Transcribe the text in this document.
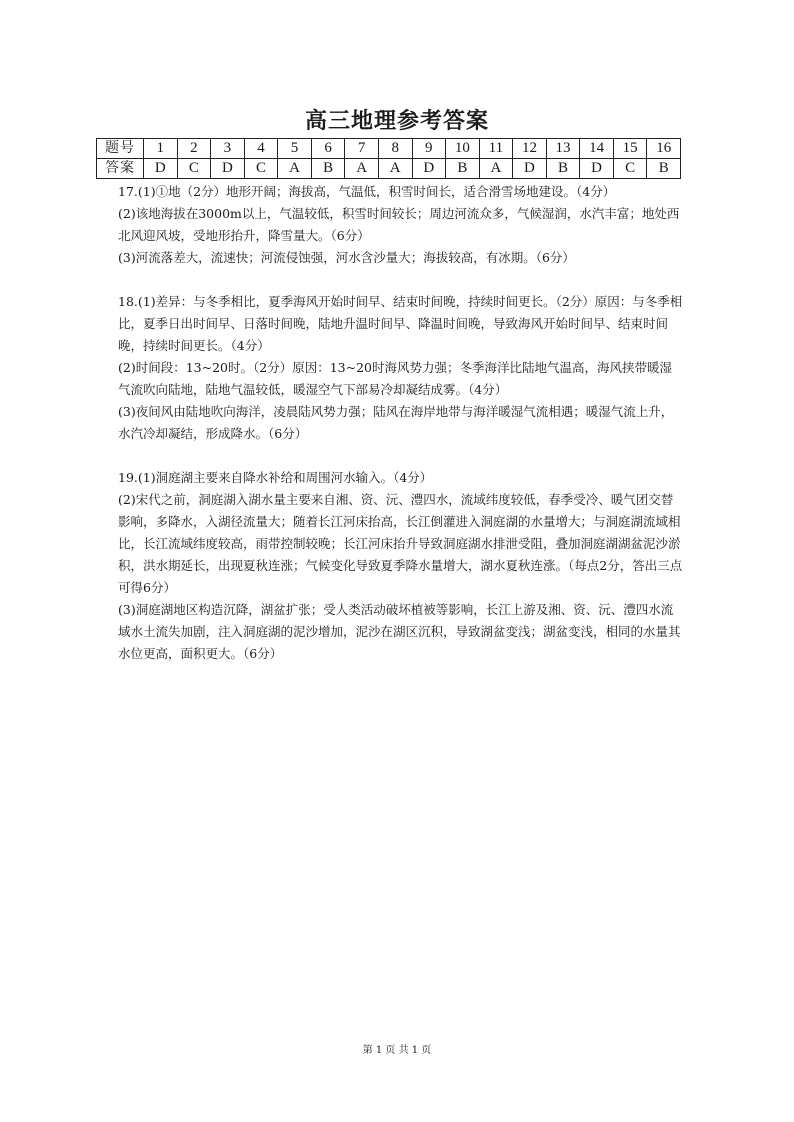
高三地理参考答案
题号	1	2	3	4	5	6	7	8	9	10	11	12	13	14	15	16
答案	D	C	D	C	A	B	A	A	D	B	A	D	B	D	C	B

17.(1)①地（2分）地形开阔；海拔高，气温低，积雪时间长，适合滑雪场地建设。（4分）

(2)该地海拔在3000m以上，气温较低，积雪时间较长；周边河流众多，气候湿润，水汽丰富；地处西北风迎风坡，受地形抬升，降雪量大。（6分）

(3)河流落差大，流速快；河流侵蚀强，河水含沙量大；海拔较高，有冰期。（6分）

18.(1)差异：与冬季相比，夏季海风开始时间早、结束时间晚，持续时间更长。（2分）原因：与冬季相比，夏季日出时间早、日落时间晚，陆地升温时间早、降温时间晚，导致海风开始时间早、结束时间晚，持续时间更长。（4分）

(2)时间段：13~20时。（2分）原因：13~20时海风势力强；冬季海洋比陆地气温高，海风挟带暖湿气流吹向陆地，陆地气温较低，暖湿空气下部易冷却凝结成雾。（4分）

(3)夜间风由陆地吹向海洋，凌晨陆风势力强；陆风在海岸地带与海洋暖湿气流相遇；暖湿气流上升，水汽冷却凝结，形成降水。（6分）

19.(1)洞庭湖主要来自降水补给和周围河水输入。（4分）

(2)宋代之前，洞庭湖入湖水量主要来自湘、资、沅、澧四水，流域纬度较低，春季受冷、暖气团交替影响，多降水，入湖径流量大；随着长江河床抬高，长江倒灌进入洞庭湖的水量增大；与洞庭湖流域相比，长江流域纬度较高，雨带控制较晚；长江河床抬升导致洞庭湖水排泄受阻，叠加洞庭湖湖盆泥沙淤积，洪水期延长，出现夏秋连涨；气候变化导致夏季降水量增大，湖水夏秋连涨。（每点2分，答出三点可得6分）

(3)洞庭湖地区构造沉降，湖盆扩张；受人类活动破坏植被等影响，长江上游及湘、资、沅、澧四水流域水土流失加剧，注入洞庭湖的泥沙增加，泥沙在湖区沉积，导致湖盆变浅；湖盆变浅，相同的水量其水位更高，面积更大。（6分）

第 1 页 共 1 页
